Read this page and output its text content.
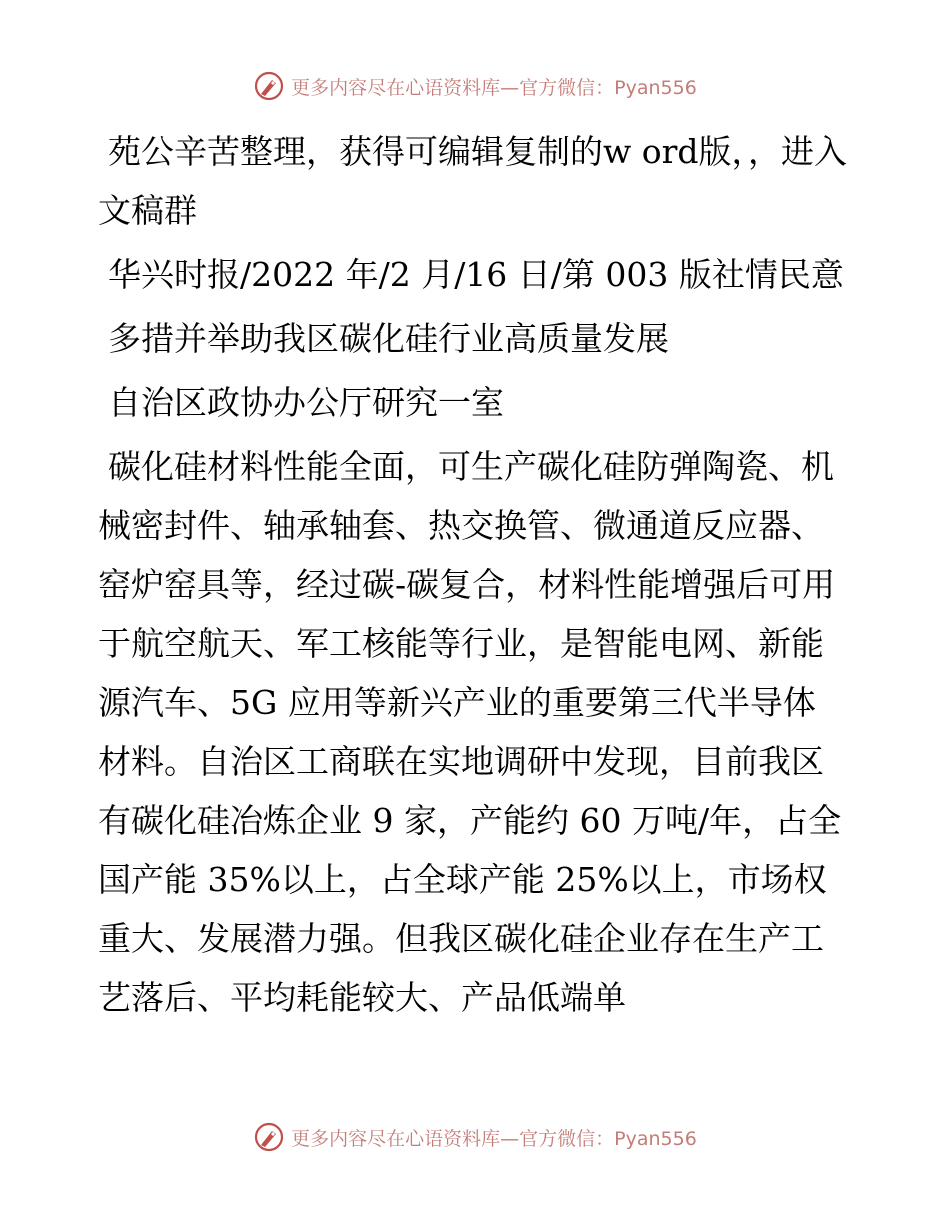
更多内容尽在心语资料库—官方微信：Pyan556

苑公辛苦整理，获得可编辑复制的w ord版，，进入文稿群

华兴时报/2022 年/2 月/16 日/第 003 版社情民意

多措并举助我区碳化硅行业高质量发展

自治区政协办公厅研究一室

碳化硅材料性能全面，可生产碳化硅防弹陶瓷、机械密封件、轴承轴套、热交换管、微通道反应器、窑炉窑具等，经过碳-碳复合，材料性能增强后可用于航空航天、军工核能等行业，是智能电网、新能源汽车、5G 应用等新兴产业的重要第三代半导体材料。自治区工商联在实地调研中发现，目前我区有碳化硅冶炼企业 9 家，产能约 60 万吨/年，占全国产能 35%以上，占全球产能 25%以上，市场权重大、发展潜力强。但我区碳化硅企业存在生产工艺落后、平均耗能较大、产品低端单

更多内容尽在心语资料库—官方微信：Pyan556
